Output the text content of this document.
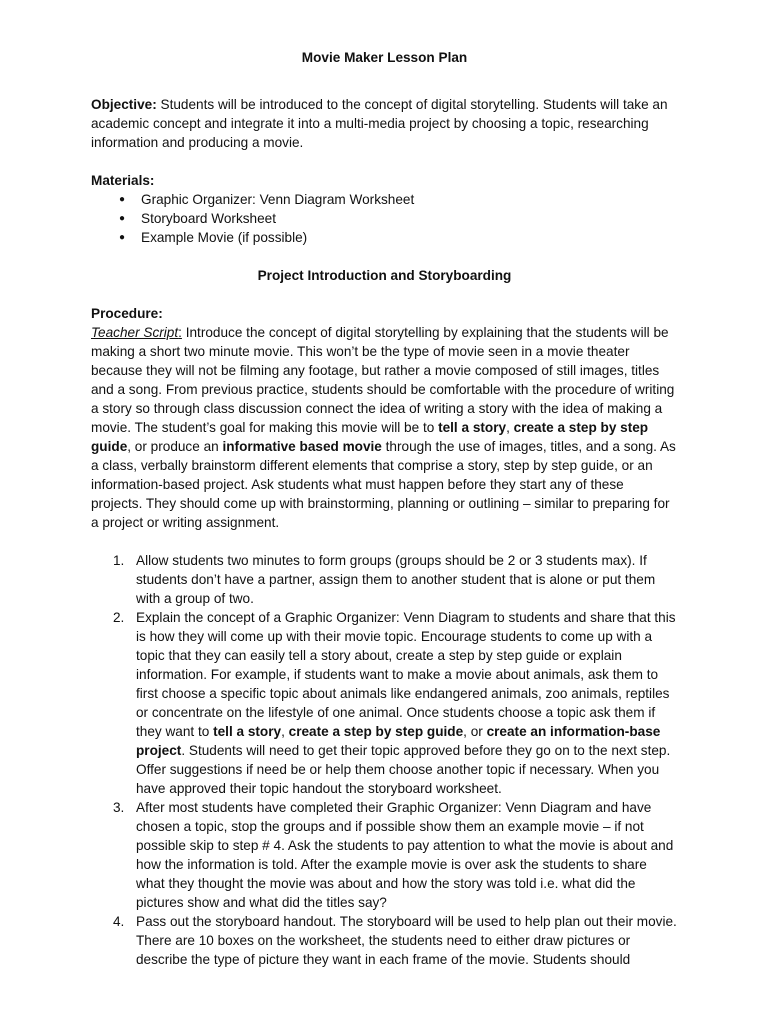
Movie Maker Lesson Plan

Objective: Students will be introduced to the concept of digital storytelling. Students will take an academic concept and integrate it into a multi-media project by choosing a topic, researching information and producing a movie.

Materials:
● Graphic Organizer: Venn Diagram Worksheet
● Storyboard Worksheet
● Example Movie (if possible)
Project Introduction and Storyboarding
Procedure:

Teacher Script: Introduce the concept of digital storytelling by explaining that the students will be making a short two minute movie. This won’t be the type of movie seen in a movie theater because they will not be filming any footage, but rather a movie composed of still images, titles and a song. From previous practice, students should be comfortable with the procedure of writing a story so through class discussion connect the idea of writing a story with the idea of making a movie. The student’s goal for making this movie will be to tell a story, create a step by step guide, or produce an informative based movie through the use of images, titles, and a song. As a class, verbally brainstorm different elements that comprise a story, step by step guide, or an information-based project. Ask students what must happen before they start any of these projects. They should come up with brainstorming, planning or outlining – similar to preparing for a project or writing assignment.

1. Allow students two minutes to form groups (groups should be 2 or 3 students max). If students don’t have a partner, assign them to another student that is alone or put them with a group of two.
2. Explain the concept of a Graphic Organizer: Venn Diagram to students and share that this is how they will come up with their movie topic. Encourage students to come up with a topic that they can easily tell a story about, create a step by step guide or explain information. For example, if students want to make a movie about animals, ask them to first choose a specific topic about animals like endangered animals, zoo animals, reptiles or concentrate on the lifestyle of one animal. Once students choose a topic ask them if they want to tell a story, create a step by step guide, or create an information-base project. Students will need to get their topic approved before they go on to the next step. Offer suggestions if need be or help them choose another topic if necessary. When you have approved their topic handout the storyboard worksheet.
3. After most students have completed their Graphic Organizer: Venn Diagram and have chosen a topic, stop the groups and if possible show them an example movie – if not possible skip to step # 4. Ask the students to pay attention to what the movie is about and how the information is told. After the example movie is over ask the students to share what they thought the movie was about and how the story was told i.e. what did the pictures show and what did the titles say?
4. Pass out the storyboard handout. The storyboard will be used to help plan out their movie. There are 10 boxes on the worksheet, the students need to either draw pictures or describe the type of picture they want in each frame of the movie. Students should
